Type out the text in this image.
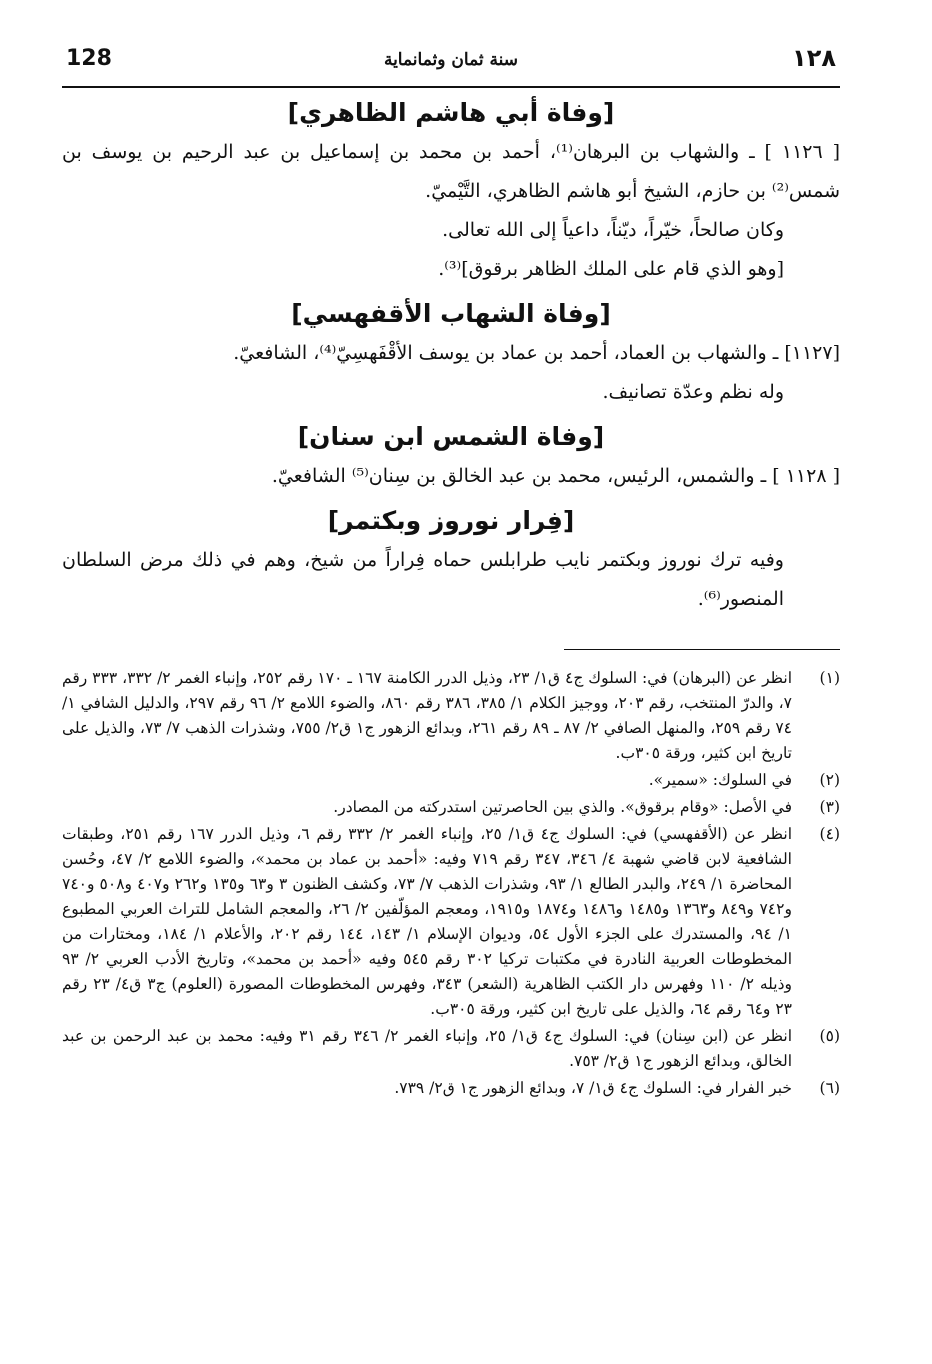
128	سنة ثمان وثمانماية	١٢٨
[وفاة أبي هاشم الظاهري]

[ ١١٢٦ ] ـ والشهاب بن البرهان⁽¹⁾، أحمد بن محمد بن إسماعيل بن عبد الرحيم بن يوسف بن شمس⁽²⁾ بن حازم، الشيخ أبو هاشم الظاهري، التَّيْميّ.

وكان صالحاً، خيّراً، ديّناً، داعياً إلى الله تعالى.

[وهو الذي قام على الملك الظاهر برقوق]⁽³⁾.

[وفاة الشهاب الأقفهسي]

[١١٢٧] ـ والشهاب بن العماد، أحمد بن عماد بن يوسف الأقْفَهسِيّ⁽⁴⁾، الشافعيّ.

وله نظم وعدّة تصانيف.

[وفاة الشمس ابن سنان]

[ ١١٢٨ ] ـ والشمس، الرئيس، محمد بن عبد الخالق بن سِنان⁽⁵⁾ الشافعيّ.

[فِرار نوروز وبكتمر]

وفيه ترك نوروز وبكتمر نايب طرابلس حماه فِراراً من شيخ، وهم في ذلك مرض السلطان المنصور⁽⁶⁾.

(١)
انظر عن (البرهان) في: السلوك ج٤ ق١/ ٢٣، وذيل الدرر الكامنة ١٦٧ ـ ١٧٠ رقم ٢٥٢، وإنباء الغمر ٢/ ٣٣٢، ٣٣٣ رقم ٧، والدرّ المنتخب، رقم ٢٠٣، ووجيز الكلام ١/ ٣٨٥، ٣٨٦ رقم ٨٦٠، والضوء اللامع ٢/ ٩٦ رقم ٢٩٧، والدليل الشافي ١/ ٧٤ رقم ٢٥٩، والمنهل الصافي ٢/ ٨٧ ـ ٨٩ رقم ٢٦١، وبدائع الزهور ج١ ق٢/ ٧٥٥، وشذرات الذهب ٧/ ٧٣، والذيل على تاريخ ابن كثير، ورقة ٣٠٥ب.
(٢)
في السلوك: «سمير».
(٣)
في الأصل: «وقام برقوق». والذي بين الحاصرتين استدركته من المصادر.
(٤)
انظر عن (الأقفهسي) في: السلوك ج٤ ق١/ ٢٥، وإنباء الغمر ٢/ ٣٣٢ رقم ٦، وذيل الدرر ١٦٧ رقم ٢٥١، وطبقات الشافعية لابن قاضي شهبة ٤/ ٣٤٦، ٣٤٧ رقم ٧١٩ وفيه: «أحمد بن عماد بن محمد»، والضوء اللامع ٢/ ٤٧، وحُسن المحاضرة ١/ ٢٤٩، والبدر الطالع ١/ ٩٣، وشذرات الذهب ٧/ ٧٣، وكشف الظنون ٣ و٦٣ و١٣٥ و٢٦٢ و٤٠٧ و٥٠٨ و٧٤٠ و٧٤٢ و٨٤٩ و١٣٦٣ و١٤٨٥ و١٤٨٦ و١٨٧٤ و١٩١٥، ومعجم المؤلّفين ٢/ ٢٦، والمعجم الشامل للتراث العربي المطبوع ١/ ٩٤، والمستدرك على الجزء الأول ٥٤، وديوان الإسلام ١/ ١٤٣، ١٤٤ رقم ٢٠٢، والأعلام ١/ ١٨٤، ومختارات من المخطوطات العربية النادرة في مكتبات تركيا ٣٠٢ رقم ٥٤٥ وفيه «أحمد بن محمد»، وتاريخ الأدب العربي ٢/ ٩٣ وذيله ٢/ ١١٠ وفهرس دار الكتب الظاهرية (الشعر) ٣٤٣، وفهرس المخطوطات المصورة (العلوم) ج٣ ق٤/ ٢٣ رقم ٢٣ و٦٤ رقم ٦٤، والذيل على تاريخ ابن كثير، ورقة ٣٠٥ب.
(٥)
انظر عن (ابن سِنان) في: السلوك ج٤ ق١/ ٢٥، وإنباء الغمر ٢/ ٣٤٦ رقم ٣١ وفيه: محمد بن عبد الرحمن بن عبد الخالق، وبدائع الزهور ج١ ق٢/ ٧٥٣.
(٦)
خبر الفرار في: السلوك ج٤ ق١/ ٧، وبدائع الزهور ج١ ق٢/ ٧٣٩.
